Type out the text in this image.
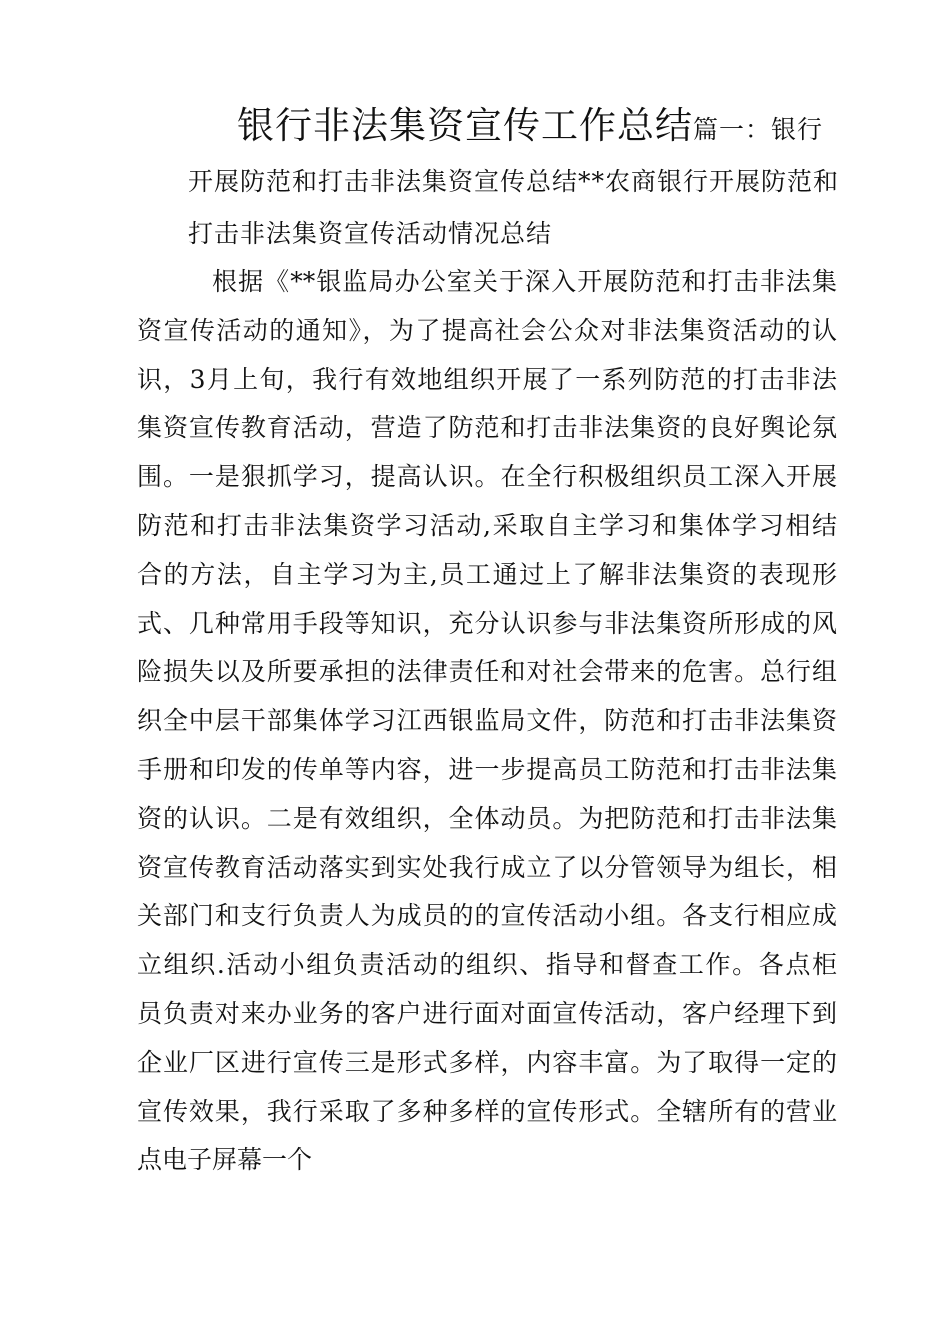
银行非法集资宣传工作总结篇一：银行
开展防范和打击非法集资宣传总结**农商银行开展防范和
打击非法集资宣传活动情况总结
根据《**银监局办公室关于深入开展防范和打击非法集
资宣传活动的通知》，为了提高社会公众对非法集资活动的认
识，3月上旬，我行有效地组织开展了一系列防范的打击非法
集资宣传教育活动，营造了防范和打击非法集资的良好舆论氛
围。一是狠抓学习，提高认识。在全行积极组织员工深入开展
防范和打击非法集资学习活动,采取自主学习和集体学习相结
合的方法，自主学习为主,员工通过上了解非法集资的表现形
式、几种常用手段等知识，充分认识参与非法集资所形成的风
险损失以及所要承担的法律责任和对社会带来的危害。总行组
织全中层干部集体学习江西银监局文件，防范和打击非法集资
手册和印发的传单等内容，进一步提高员工防范和打击非法集
资的认识。二是有效组织，全体动员。为把防范和打击非法集
资宣传教育活动落实到实处我行成立了以分管领导为组长，相
关部门和支行负责人为成员的的宣传活动小组。各支行相应成
立组织.活动小组负责活动的组织、指导和督查工作。各点柜
员负责对来办业务的客户进行面对面宣传活动，客户经理下到
企业厂区进行宣传三是形式多样，内容丰富。为了取得一定的
宣传效果，我行采取了多种多样的宣传形式。全辖所有的营业
点电子屏幕一个
